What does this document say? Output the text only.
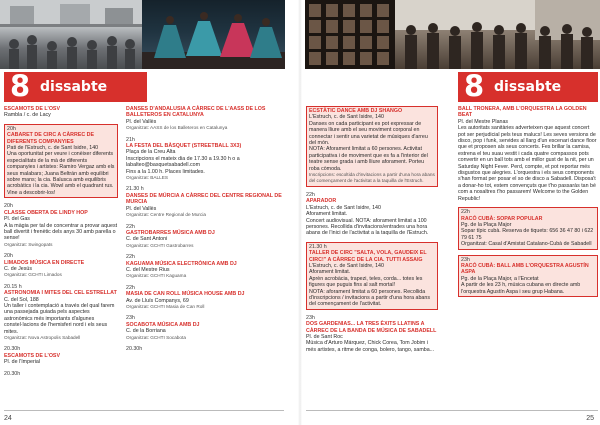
8 dissabte	8 dissabte
ESCAMOTS DE L'OSV
Rambla / c. de Lacy
20h
CABARET DE CIRC A CÀRREC DE DIFERENTS COMPANYIES
Pati de l'Estruch, c. de Sant Isidre, 140
Una oportunitat per veure i conèixer diferents especialitats de la mà de diferents companyies i artistes: Ramiro Vergaz amb els seus malabars; Juana Beltrán amb equilibri sobre mans; la cia. Balusca amb equilibris acrobàtics i la cia. Wowl amb el quadrant rus. Vine a descobrir-los!
20h
CLASSE OBERTA DE LINDY HOP
Pl. del Gas
A la màgia per tal de concentrar a provar aquest ball divertit i frenètic dels anys 30 amb parella o sense!
Organitzat: Swingopats
20h
LIMADOS MÚSICA EN DIRECTE
C. de Jesús
Organitzat: GCHTI Limados
20.15 h
ASTRONOMIA I MITES DEL CEL ESTRELLAT
C. del Sol, 188
Un taller i contemplació a través del qual farem una passejada guiada pels aspectes astronòmics més importants d'algunes constel·lacions de l'hemisferi nord i els seus mites.
Organitzat: Nova Astropolis Sabadell
20.30h
ESCAMOTS DE L'OSV
Pl. de l'Imperial
20.30h
DANSES D'ANDALUSIA A CÀRREC DE L'AASS DE LOS BALLETEROS EN CATALUNYA
Pl. del Vallès
Organitzat: AASS de los Balleteros en Catalunya
21h
LA FESTA DEL BÀSQUET (STREETBALL 3X3)
Plaça de la Creu Alta
Inscripcions el mateix dia de 17.30 a 19.30 h o a labalteo@basquetsabadell.com
Fins a la 1.00 h. Places limitades.
Organitzat: BALLES
21.30 h
DANSES DE MÚRCIA A CÀRREC DEL CENTRE REGIONAL DE MURCIA
Pl. del Vallès
Organitzat: Centre Regional de Murcia
22h
GASTROBARRES MÚSICA AMB DJ
C. de Sant Antoni
Organitzat: GCHTI Gastrobarres
22h
KAGUAMA MÚSICA ELECTRÒNICA AMB DJ
C. del Mestre Rius
Organitzat: GCHTI Kaguama
22h
MASIA DE CAN ROLL MÚSICA HOUSE AMB DJ
Av. de Lluís Companys, 69
Organitzat: GCHTI Masia de Can Roll
23h
SOCABOTA MÚSICA AMB DJ
C. de la Borriana
Organitzat: GCHTI Socabota
20.30h
ECSTÀTIC DANCE AMB DJ SHANGO
L'Estruch, c. de Sant Isidre, 140
Danses on cada participant es pot expressar de manera lliure amb el seu moviment corporal en connectar i sentir una varietat de músiques d'arreu del món.
NOTA: Aforament limitat a 60 persones. Activitat participativa i de moviment que es fa a l'interior del teatre sense grada i amb lliure aforament. Porteu roba còmoda.
Inscripcions: escoltida d'invitacions a partir d'una hora abans del començament de l'activitat a la taquilla de l'Estruch.
22h
APARADOR
L'Estruch, c. de Sant Isidre, 140
Aforament limitat.
Concert audiovisual. NOTA: aforament limitat a 100 persones. Recollida d'invitacions/entrades una hora abans de l'inici de l'activitat a la taquilla de l'Estruch.
21.30 h
TALLER DE CIRC "SALTA, VOLA, GAUDEIX EL CIRC!" A CÀRREC DE LA CIA. TUTTI ASSAIG
L'Estruch, c. de Sant Isidre, 140
Aforament limitat.
Aprèn acrobàcia, trapezi, teles, corda... totes les figures que puguis fins al salt mortal!
NOTA: aforament limitat a 60 persones. Recollida d'inscripcions / invitacions a partir d'una hora abans del començament de l'activitat.
23h
DOS GARDENIAS... LA TRES ÈXITS LLATINS A CÀRREC DE LA BANDA DE MÚSICA DE SABADELL
Pl. de Sant Roc
Música d'Arturo Márquez, Chick Corea, Tom Jobim i més artistes, a ritme de conga, bolero, tango, samba...
BALL TRONERA, AMB L'ORQUESTRA LA GOLDEN BEAT
Pl. del Mestre Planas
Les autoritats sanitàries adverteixen que aquest concert pot ser perjudicial pels teus malucs! Les seves versions de disco, pop i funk, servides al llarg d'un escenari dance floor que et proposen als seus concerts. Fes brillar la camisa, estrena el teu suau vestit i cada quatre compassos pots convertir en un ball tots amb el millor gust de la nit, per un Saturday Night Fever. Perd, compte, et pot reportar més disgustos que alegries. L'orquestra i els seus components s'han format per posar el so de disco a Sabadell. Disposa't a donar-ho tot, estem convençuts que t'ho passaràs tan bé com a nosaltres t'ho passarem! Welcome to the Golden Republic!
22h
RACÓ CUBÀ: SOPAR POPULAR
Pg. de la Plaça Major
Sopar típic cubà. Reserva de tiquets: 656 36 47 80 i 622 79 61 75
Organitzat: Casal d'Amistat Catalano-Cubà de Sabadell
23h
RACÓ CUBÀ: BALL AMB L'ORQUESTRA AGUSTÍN ASPA
Pg. de la Plaça Major, a l'Encetat
A partir de les 23 h, música cubana en directe amb l'orquestra Agustín Aspa i seu grup Habana.
24	25
